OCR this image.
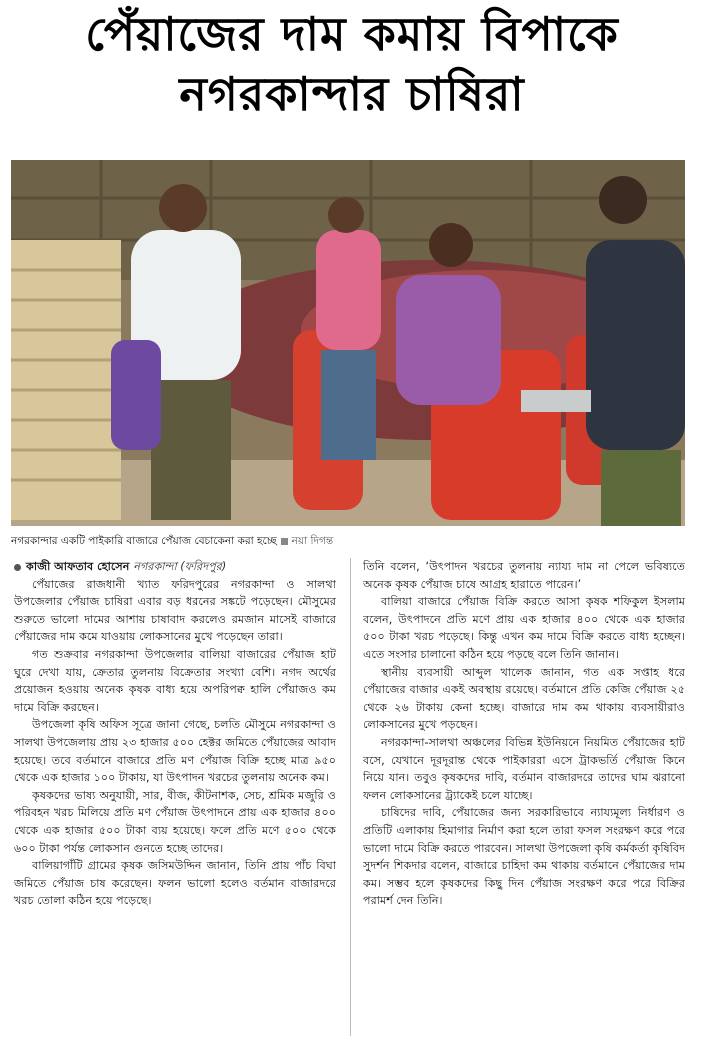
পেঁয়াজের দাম কমায় বিপাকে
নগরকান্দার চাষিরা
নগরকান্দার একটি পাইকারি বাজারে পেঁয়াজ বেচাকেনা করা হচ্ছে নয়া দিগন্ত
কাজী আফতাব হোসেন নগরকান্দা (ফরিদপুর)

পেঁয়াজের রাজধানী খ্যাত ফরিদপুরের নগরকান্দা ও সালথা উপজেলার পেঁয়াজ চাষিরা এবার বড় ধরনের সঙ্কটে পড়েছেন। মৌসুমের শুরুতে ভালো দামের আশায় চাষাবাদ করলেও রমজান মাসেই বাজারে পেঁয়াজের দাম কমে যাওয়ায় লোকসানের মুখে পড়েছেন তারা।

গত শুক্রবার নগরকান্দা উপজেলার বালিয়া বাজারের পেঁয়াজ হাট ঘুরে দেখা যায়, ক্রেতার তুলনায় বিক্রেতার সংখ্যা বেশি। নগদ অর্থের প্রয়োজন হওয়ায় অনেক কৃষক বাধ্য হয়ে অপরিপক্ব হালি পেঁয়াজও কম দামে বিক্রি করছেন।

উপজেলা কৃষি অফিস সূত্রে জানা গেছে, চলতি মৌসুমে নগরকান্দা ও সালথা উপজেলায় প্রায় ২৩ হাজার ৫০০ হেক্টর জমিতে পেঁয়াজের আবাদ হয়েছে। তবে বর্তমানে বাজারে প্রতি মণ পেঁয়াজ বিক্রি হচ্ছে মাত্র ৯৫০ থেকে এক হাজার ১০০ টাকায়, যা উৎপাদন খরচের তুলনায় অনেক কম।

কৃষকদের ভাষ্য অনুযায়ী, সার, বীজ, কীটনাশক, সেচ, শ্রমিক মজুরি ও পরিবহন খরচ মিলিয়ে প্রতি মণ পেঁয়াজ উৎপাদনে প্রায় এক হাজার ৪০০ থেকে এক হাজার ৫০০ টাকা ব্যয় হয়েছে। ফলে প্রতি মণে ৫০০ থেকে ৬০০ টাকা পর্যন্ত লোকসান গুনতে হচ্ছে তাদের।

বালিয়াগাঁটি গ্রামের কৃষক জসিমউদ্দিন জানান, তিনি প্রায় পাঁচ বিঘা জমিতে পেঁয়াজ চাষ করেছেন। ফলন ভালো হলেও বর্তমান বাজারদরে খরচ তোলা কঠিন হয়ে পড়েছে।

তিনি বলেন, ‘উৎপাদন খরচের তুলনায় ন্যায্য দাম না পেলে ভবিষ্যতে অনেক কৃষক পেঁয়াজ চাষে আগ্রহ হারাতে পারেন।’

বালিয়া বাজারে পেঁয়াজ বিক্রি করতে আসা কৃষক শফিকুল ইসলাম বলেন, উৎপাদনে প্রতি মণে প্রায় এক হাজার ৪০০ থেকে এক হাজার ৫০০ টাকা খরচ পড়েছে। কিন্তু এখন কম দামে বিক্রি করতে বাধ্য হচ্ছেন। এতে সংসার চালানো কঠিন হয়ে পড়ছে বলে তিনি জানান।

স্থানীয় ব্যবসায়ী আব্দুল খালেক জানান, গত এক সপ্তাহ ধরে পেঁয়াজের বাজার একই অবস্থায় রয়েছে। বর্তমানে প্রতি কেজি পেঁয়াজ ২৫ থেকে ২৬ টাকায় কেনা হচ্ছে। বাজারে দাম কম থাকায় ব্যবসায়ীরাও লোকসানের মুখে পড়ছেন।

নগরকান্দা-সালথা অঞ্চলের বিভিন্ন ইউনিয়নে নিয়মিত পেঁয়াজের হাট বসে, যেখানে দূরদূরান্ত থেকে পাইকাররা এসে ট্রাকভর্তি পেঁয়াজ কিনে নিয়ে যান। তবুও কৃষকদের দাবি, বর্তমান বাজারদরে তাদের ঘাম ঝরানো ফলন লোকসানের ট্র্যাকেই চলে যাচ্ছে।

চাষিদের দাবি, পেঁয়াজের জন্য সরকারিভাবে ন্যায্যমূল্য নির্ধারণ ও প্রতিটি এলাকায় হিমাগার নির্মাণ করা হলে তারা ফসল সংরক্ষণ করে পরে ভালো দামে বিক্রি করতে পারবেন। সালথা উপজেলা কৃষি কর্মকর্তা কৃষিবিদ সুদর্শন শিকদার বলেন, বাজারে চাহিদা কম থাকায় বর্তমানে পেঁয়াজের দাম কম। সম্ভব হলে কৃষকদের কিছু দিন পেঁয়াজ সংরক্ষণ করে পরে বিক্রির পরামর্শ দেন তিনি।
